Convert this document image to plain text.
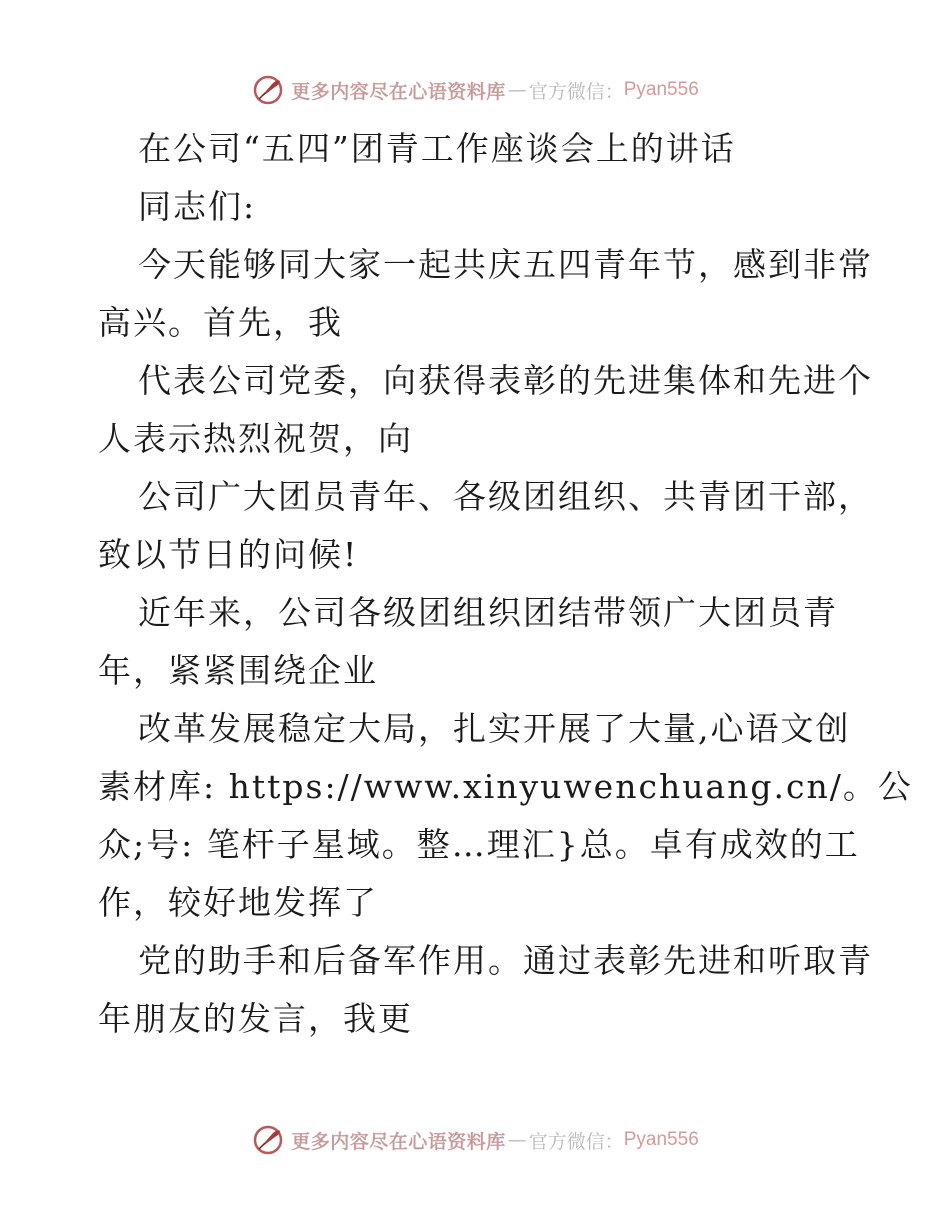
更多内容尽在心语资料库 — 官方微信： Pyan556
在公司“五四”团青工作座谈会上的讲话
同志们:
今天能够同大家一起共庆五四青年节，感到非常
高兴。首先，我
代表公司党委，向获得表彰的先进集体和先进个
人表示热烈祝贺，向
公司广大团员青年、各级团组织、共青团干部，
致以节日的问候!
近年来，公司各级团组织团结带领广大团员青
年，紧紧围绕企业
改革发展稳定大局，扎实开展了大量,心语文创
素材库: https://www.xinyuwenchuang.cn/。公
众;号: 笔杆子星域。整…理汇}总。卓有成效的工
作，较好地发挥了
党的助手和后备军作用。通过表彰先进和听取青
年朋友的发言，我更
更多内容尽在心语资料库 — 官方微信： Pyan556
